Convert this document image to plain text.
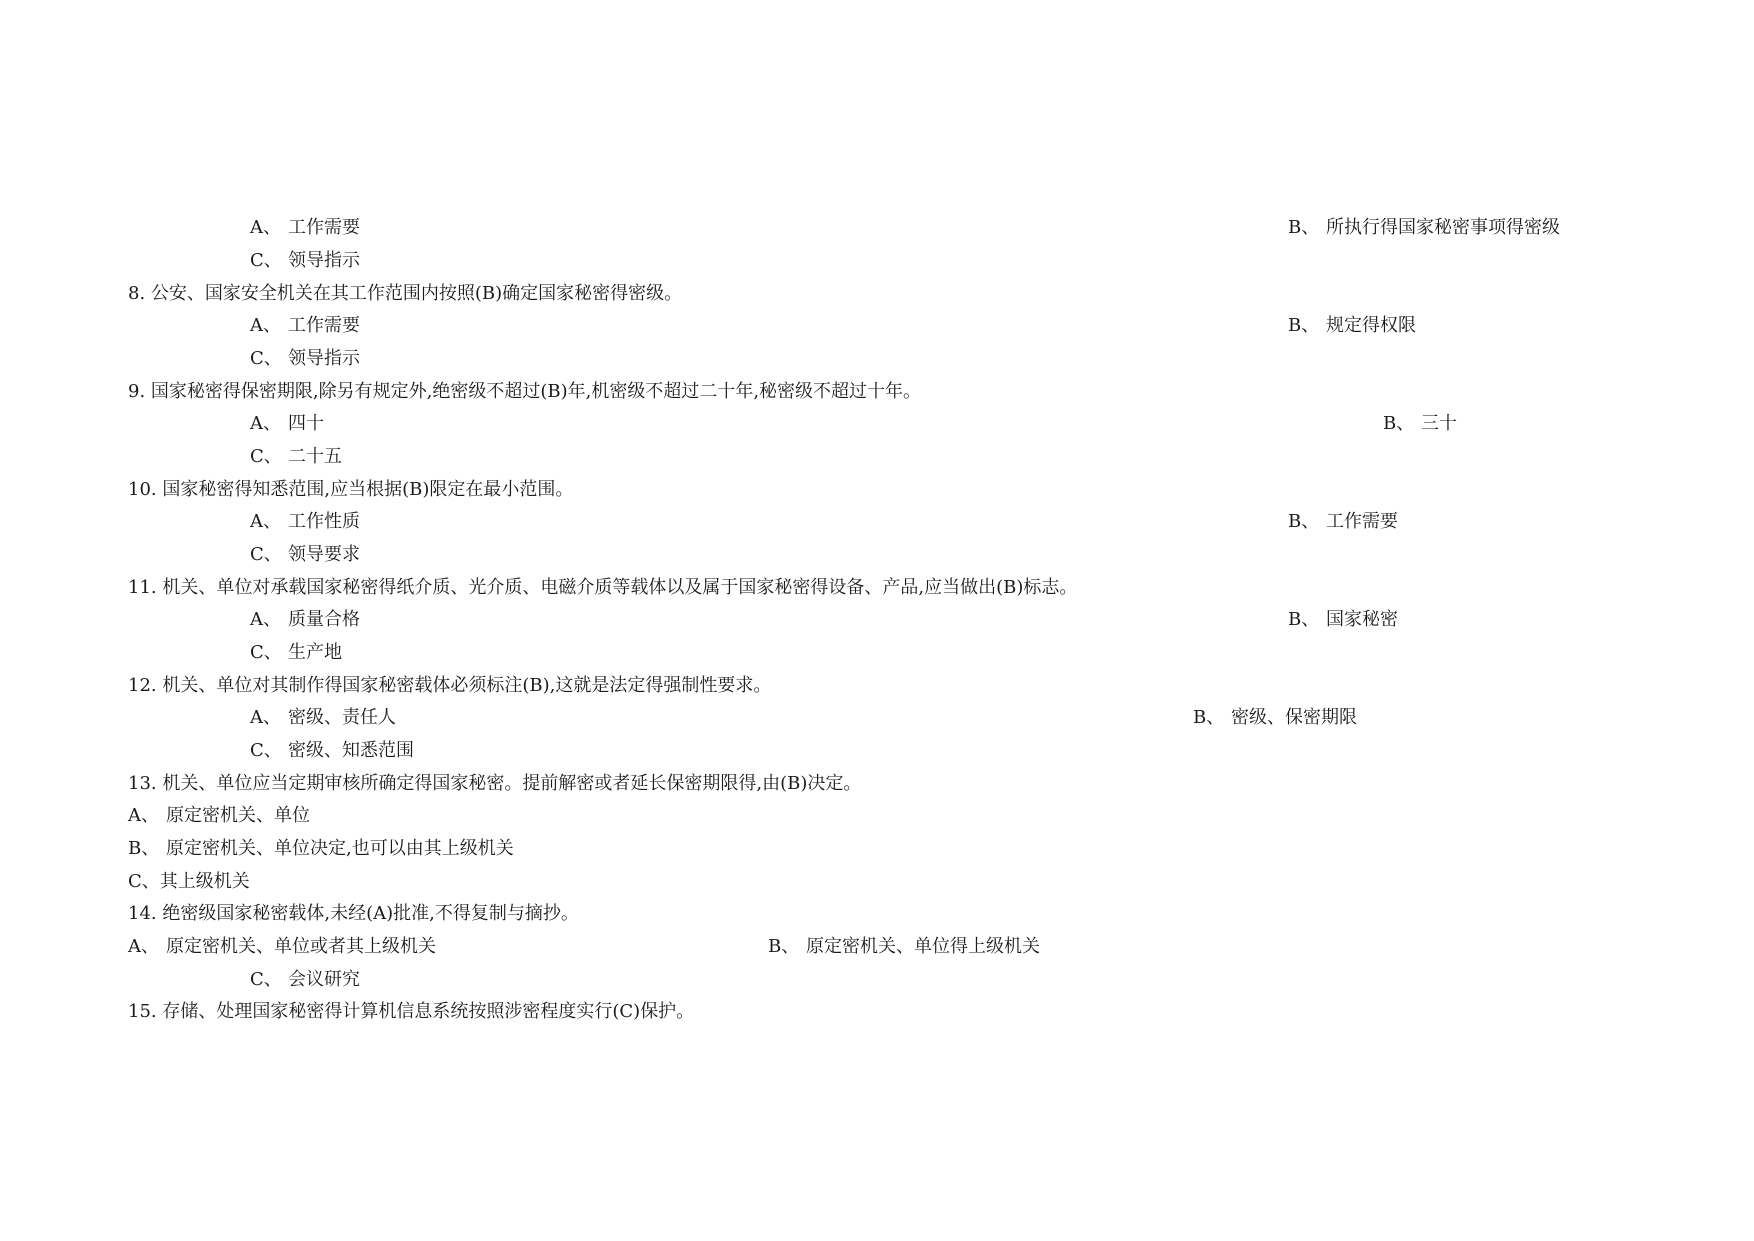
A、 工作需要	B、 所执行得国家秘密事项得密级
C、 领导指示
8. 公安、国家安全机关在其工作范围内按照(B)确定国家秘密得密级。
A、 工作需要	B、 规定得权限
C、 领导指示
9. 国家秘密得保密期限,除另有规定外,绝密级不超过(B)年,机密级不超过二十年,秘密级不超过十年。
A、 四十	B、 三十
C、 二十五
10. 国家秘密得知悉范围,应当根据(B)限定在最小范围。
A、 工作性质	B、 工作需要
C、 领导要求
11. 机关、单位对承载国家秘密得纸介质、光介质、电磁介质等载体以及属于国家秘密得设备、产品,应当做出(B)标志。
A、 质量合格	B、 国家秘密
C、 生产地
12. 机关、单位对其制作得国家秘密载体必须标注(B),这就是法定得强制性要求。
A、 密级、责任人	B、 密级、保密期限
C、 密级、知悉范围
13. 机关、单位应当定期审核所确定得国家秘密。提前解密或者延长保密期限得,由(B)决定。
A、 原定密机关、单位
B、 原定密机关、单位决定,也可以由其上级机关
C、其上级机关
14. 绝密级国家秘密载体,未经(A)批准,不得复制与摘抄。
A、 原定密机关、单位或者其上级机关	B、 原定密机关、单位得上级机关
C、 会议研究
15. 存储、处理国家秘密得计算机信息系统按照涉密程度实行(C)保护。
